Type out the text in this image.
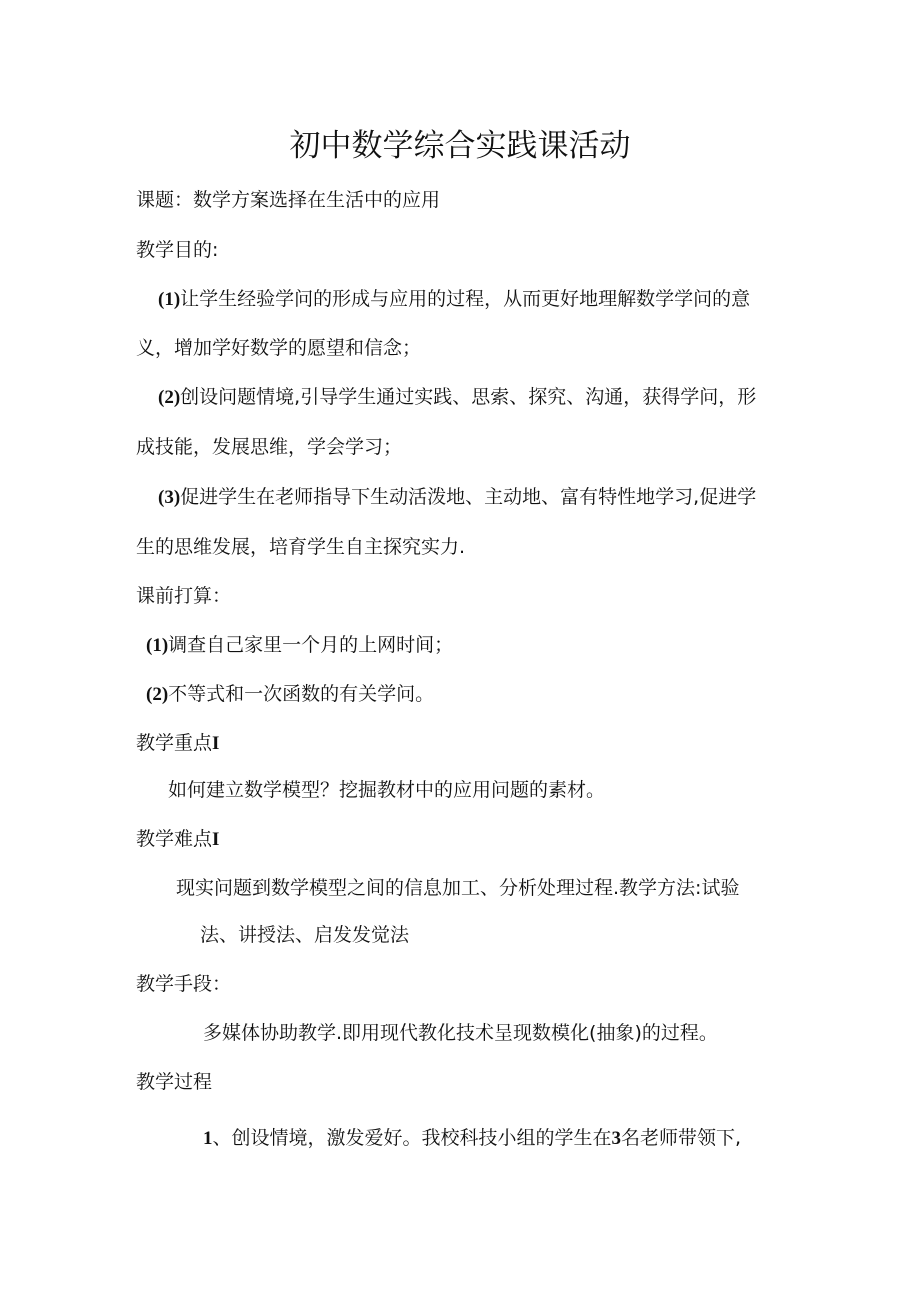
初中数学综合实践课活动
课题：数学方案选择在生活中的应用
教学目的:
(1)让学生经验学问的形成与应用的过程，从而更好地理解数学学问的意
义，增加学好数学的愿望和信念；
(2)创设问题情境,引导学生通过实践、思索、探究、沟通，获得学问，形
成技能，发展思维，学会学习；
(3)促进学生在老师指导下生动活泼地、主动地、富有特性地学习,促进学
生的思维发展，培育学生自主探究实力.
课前打算：
(1)调查自己家里一个月的上网时间；
(2)不等式和一次函数的有关学问。
教学重点I
如何建立数学模型？挖掘教材中的应用问题的素材。
教学难点I
现实问题到数学模型之间的信息加工、分析处理过程.教学方法:试验
法、讲授法、启发发觉法
教学手段：
多媒体协助教学.即用现代教化技术呈现数模化(抽象)的过程。
教学过程
1、创设情境，激发爱好。我校科技小组的学生在3名老师带领下,
